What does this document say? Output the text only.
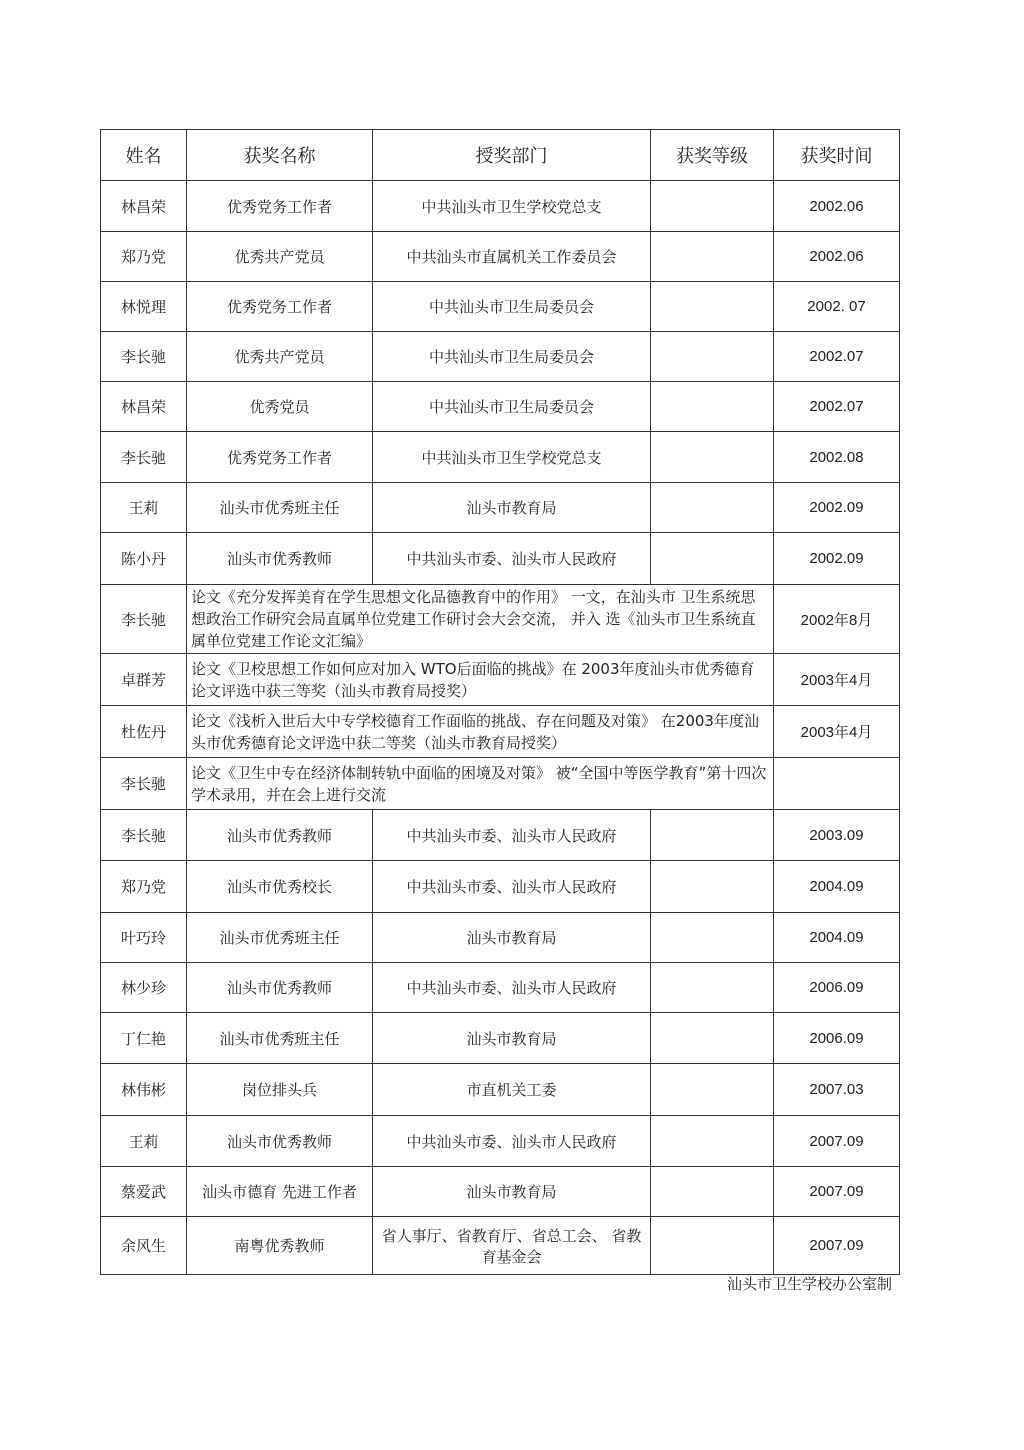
姓名	获奖名称	授奖部门	获奖等级	获奖时间
林昌荣	优秀党务工作者	中共汕头市卫生学校党总支		2002.06
郑乃党	优秀共产党员	中共汕头市直属机关工作委员会		2002.06
林悦理	优秀党务工作者	中共汕头市卫生局委员会		2002. 07
李长驰	优秀共产党员	中共汕头市卫生局委员会		2002.07
林昌荣	优秀党员	中共汕头市卫生局委员会		2002.07
李长驰	优秀党务工作者	中共汕头市卫生学校党总支		2002.08
王莉	汕头市优秀班主任	汕头市教育局		2002.09
陈小丹	汕头市优秀教师	中共汕头市委、汕头市人民政府		2002.09
李长驰	论文《充分发挥美育在学生思想文化品德教育中的作用》 一文，在汕头市 卫生系统思想政治工作研究会局直属单位党建工作研讨会大会交流， 并入 选《汕头市卫生系统直属单位党建工作论文汇编》			2002年8月
卓群芳	论文《卫校思想工作如何应对加入 WTO后面临的挑战》在 2003年度汕头市优秀德育论文评选中获三等奖（汕头市教育局授奖）			2003年4月
杜佐丹	论文《浅析入世后大中专学校德育工作面临的挑战、存在问题及对策》 在2003年度汕头市优秀德育论文评选中获二等奖（汕头市教育局授奖）			2003年4月
李长驰	论文《卫生中专在经济体制转轨中面临的困境及对策》 被“全国中等医学教育”第十四次学术录用，并在会上进行交流			
李长驰	汕头市优秀教师	中共汕头市委、汕头市人民政府		2003.09
郑乃党	汕头市优秀校长	中共汕头市委、汕头市人民政府		2004.09
叶巧玲	汕头市优秀班主任	汕头市教育局		2004.09
林少珍	汕头市优秀教师	中共汕头市委、汕头市人民政府		2006.09
丁仁艳	汕头市优秀班主任	汕头市教育局		2006.09
林伟彬	岗位排头兵	市直机关工委		2007.03
王莉	汕头市优秀教师	中共汕头市委、汕头市人民政府		2007.09
蔡爱武	汕头市德育 先进工作者	汕头市教育局		2007.09
余风生	南粤优秀教师	省人事厅、省教育厅、省总工会、 省教育基金会		2007.09
汕头市卫生学校办公室制
